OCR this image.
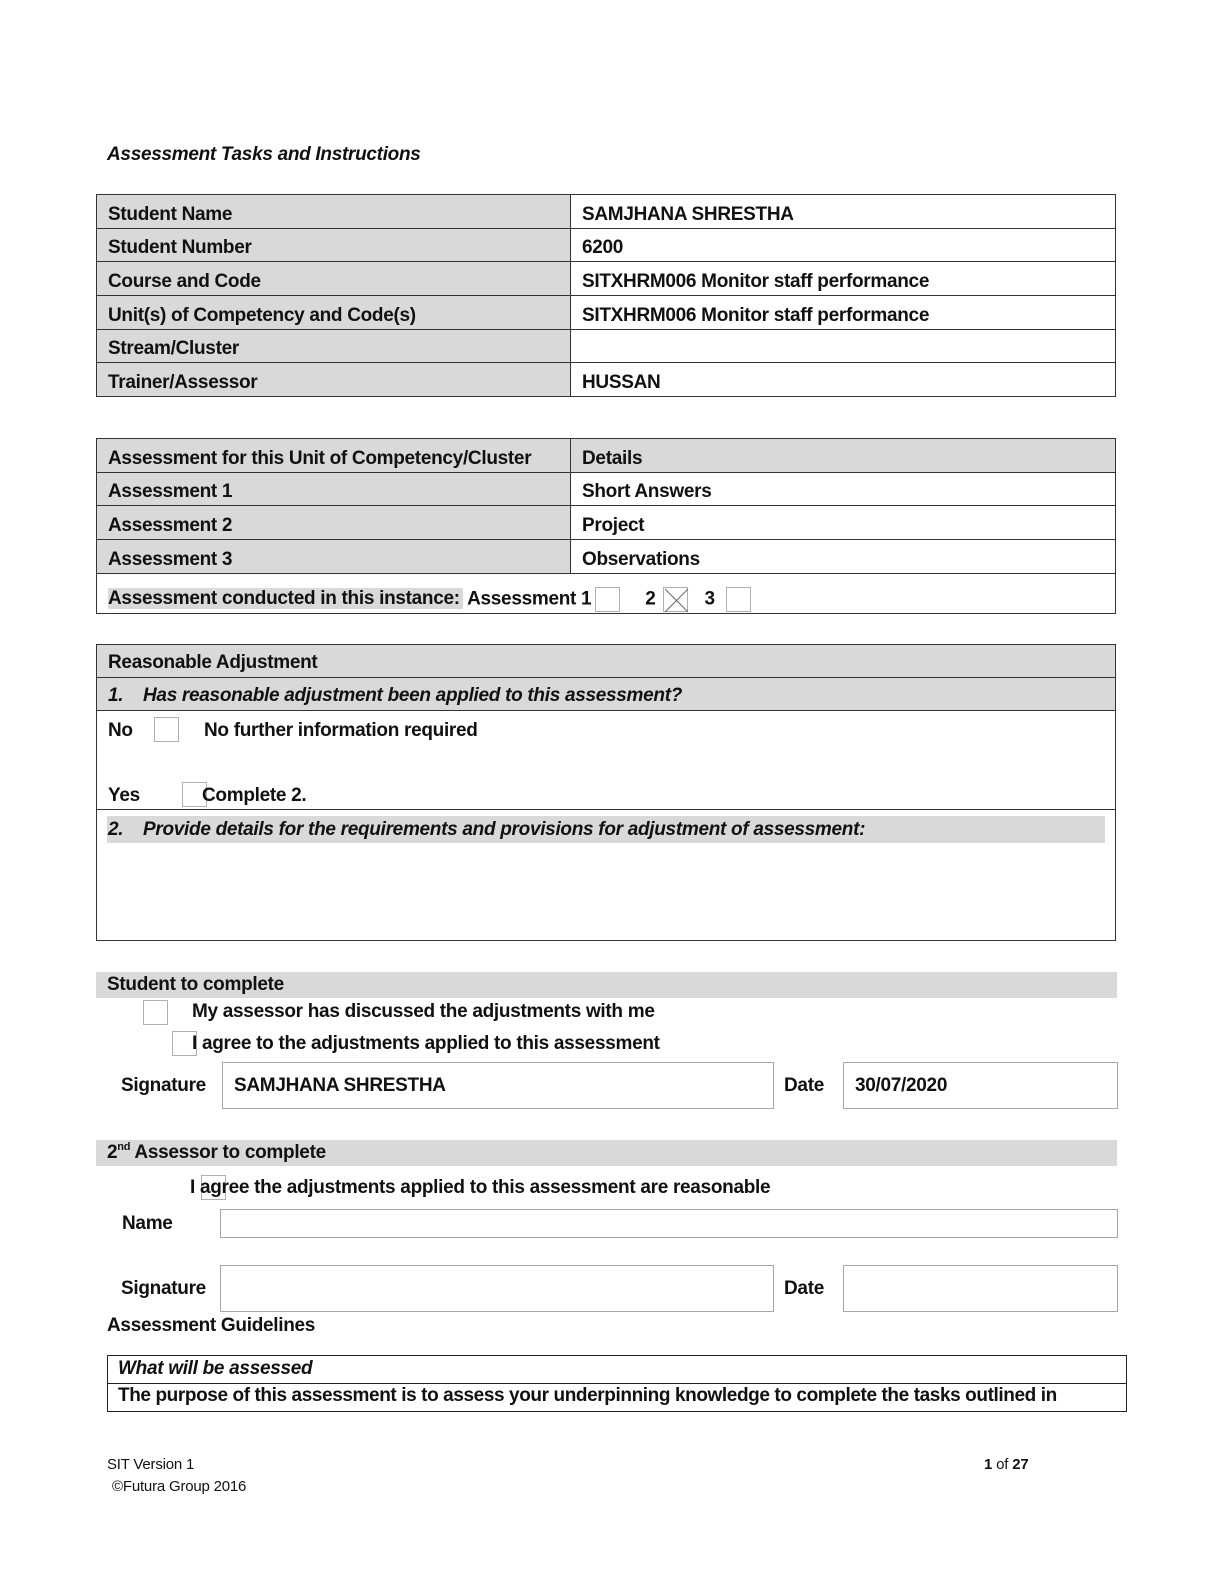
Assessment Tasks and Instructions
Student Name	SAMJHANA SHRESTHA
Student Number	6200
Course and Code	SITXHRM006 Monitor staff performance
Unit(s) of Competency and Code(s)	SITXHRM006 Monitor staff performance
Stream/Cluster	
Trainer/Assessor	HUSSAN
Assessment for this Unit of Competency/Cluster	Details
Assessment 1	Short Answers
Assessment 2	Project
Assessment 3	Observations
Assessment conducted in this instance: Assessment 1 2 3	
Reasonable Adjustment
1. Has reasonable adjustment been applied to this assessment?
No
	No further information required
Yes	Complete 2.
2. Provide details for the requirements and provisions for adjustment of assessment:
Student to complete

My assessor has discussed the adjustments with me

I agree to the adjustments applied to this assessment
Signature	SAMJHANA SHRESTHA	Date	30/07/2020
2nd Assessor to complete
I agree the adjustments applied to this assessment are reasonable
Name
Signature	Date
Assessment Guidelines
What will be assessed
The purpose of this assessment is to assess your underpinning knowledge to complete the tasks outlined in
SIT Version 1
©Futura Group 2016
1 of 27
